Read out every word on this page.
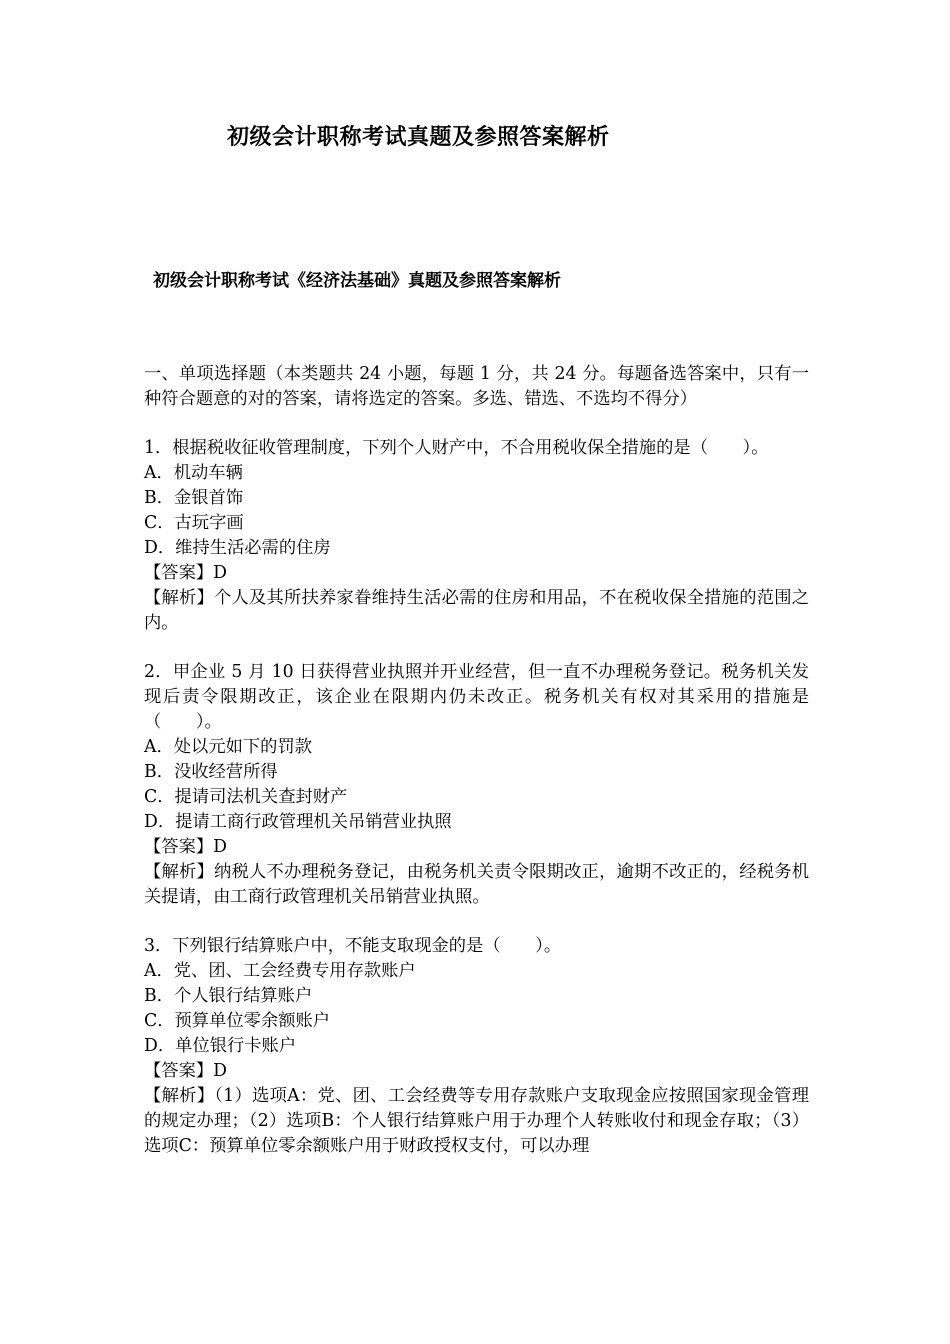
初级会计职称考试真题及参照答案解析
初级会计职称考试《经济法基础》真题及参照答案解析

一、单项选择题（本类题共 24 小题，每题 1 分，共 24 分。每题备选答案中，只有一种符合题意的对的答案，请将选定的答案。多选、错选、不选均不得分）

1．根据税收征收管理制度，下列个人财产中，不合用税收保全措施的是（　　）。

A．机动车辆

B．金银首饰

C．古玩字画

D．维持生活必需的住房

【答案】D

【解析】个人及其所扶养家眷维持生活必需的住房和用品，不在税收保全措施的范围之内。

2．甲企业 5 月 10 日获得营业执照并开业经营，但一直不办理税务登记。税务机关发现后责令限期改正，该企业在限期内仍未改正。税务机关有权对其采用的措施是（　　）。

A．处以元如下的罚款

B．没收经营所得

C．提请司法机关查封财产

D．提请工商行政管理机关吊销营业执照

【答案】D

【解析】纳税人不办理税务登记，由税务机关责令限期改正，逾期不改正的，经税务机关提请，由工商行政管理机关吊销营业执照。

3．下列银行结算账户中，不能支取现金的是（　　）。

A．党、团、工会经费专用存款账户

B．个人银行结算账户

C．预算单位零余额账户

D．单位银行卡账户

【答案】D

【解析】（1）选项A：党、团、工会经费等专用存款账户支取现金应按照国家现金管理的规定办理；（2）选项B：个人银行结算账户用于办理个人转账收付和现金存取；（3）选项C：预算单位零余额账户用于财政授权支付，可以办理
